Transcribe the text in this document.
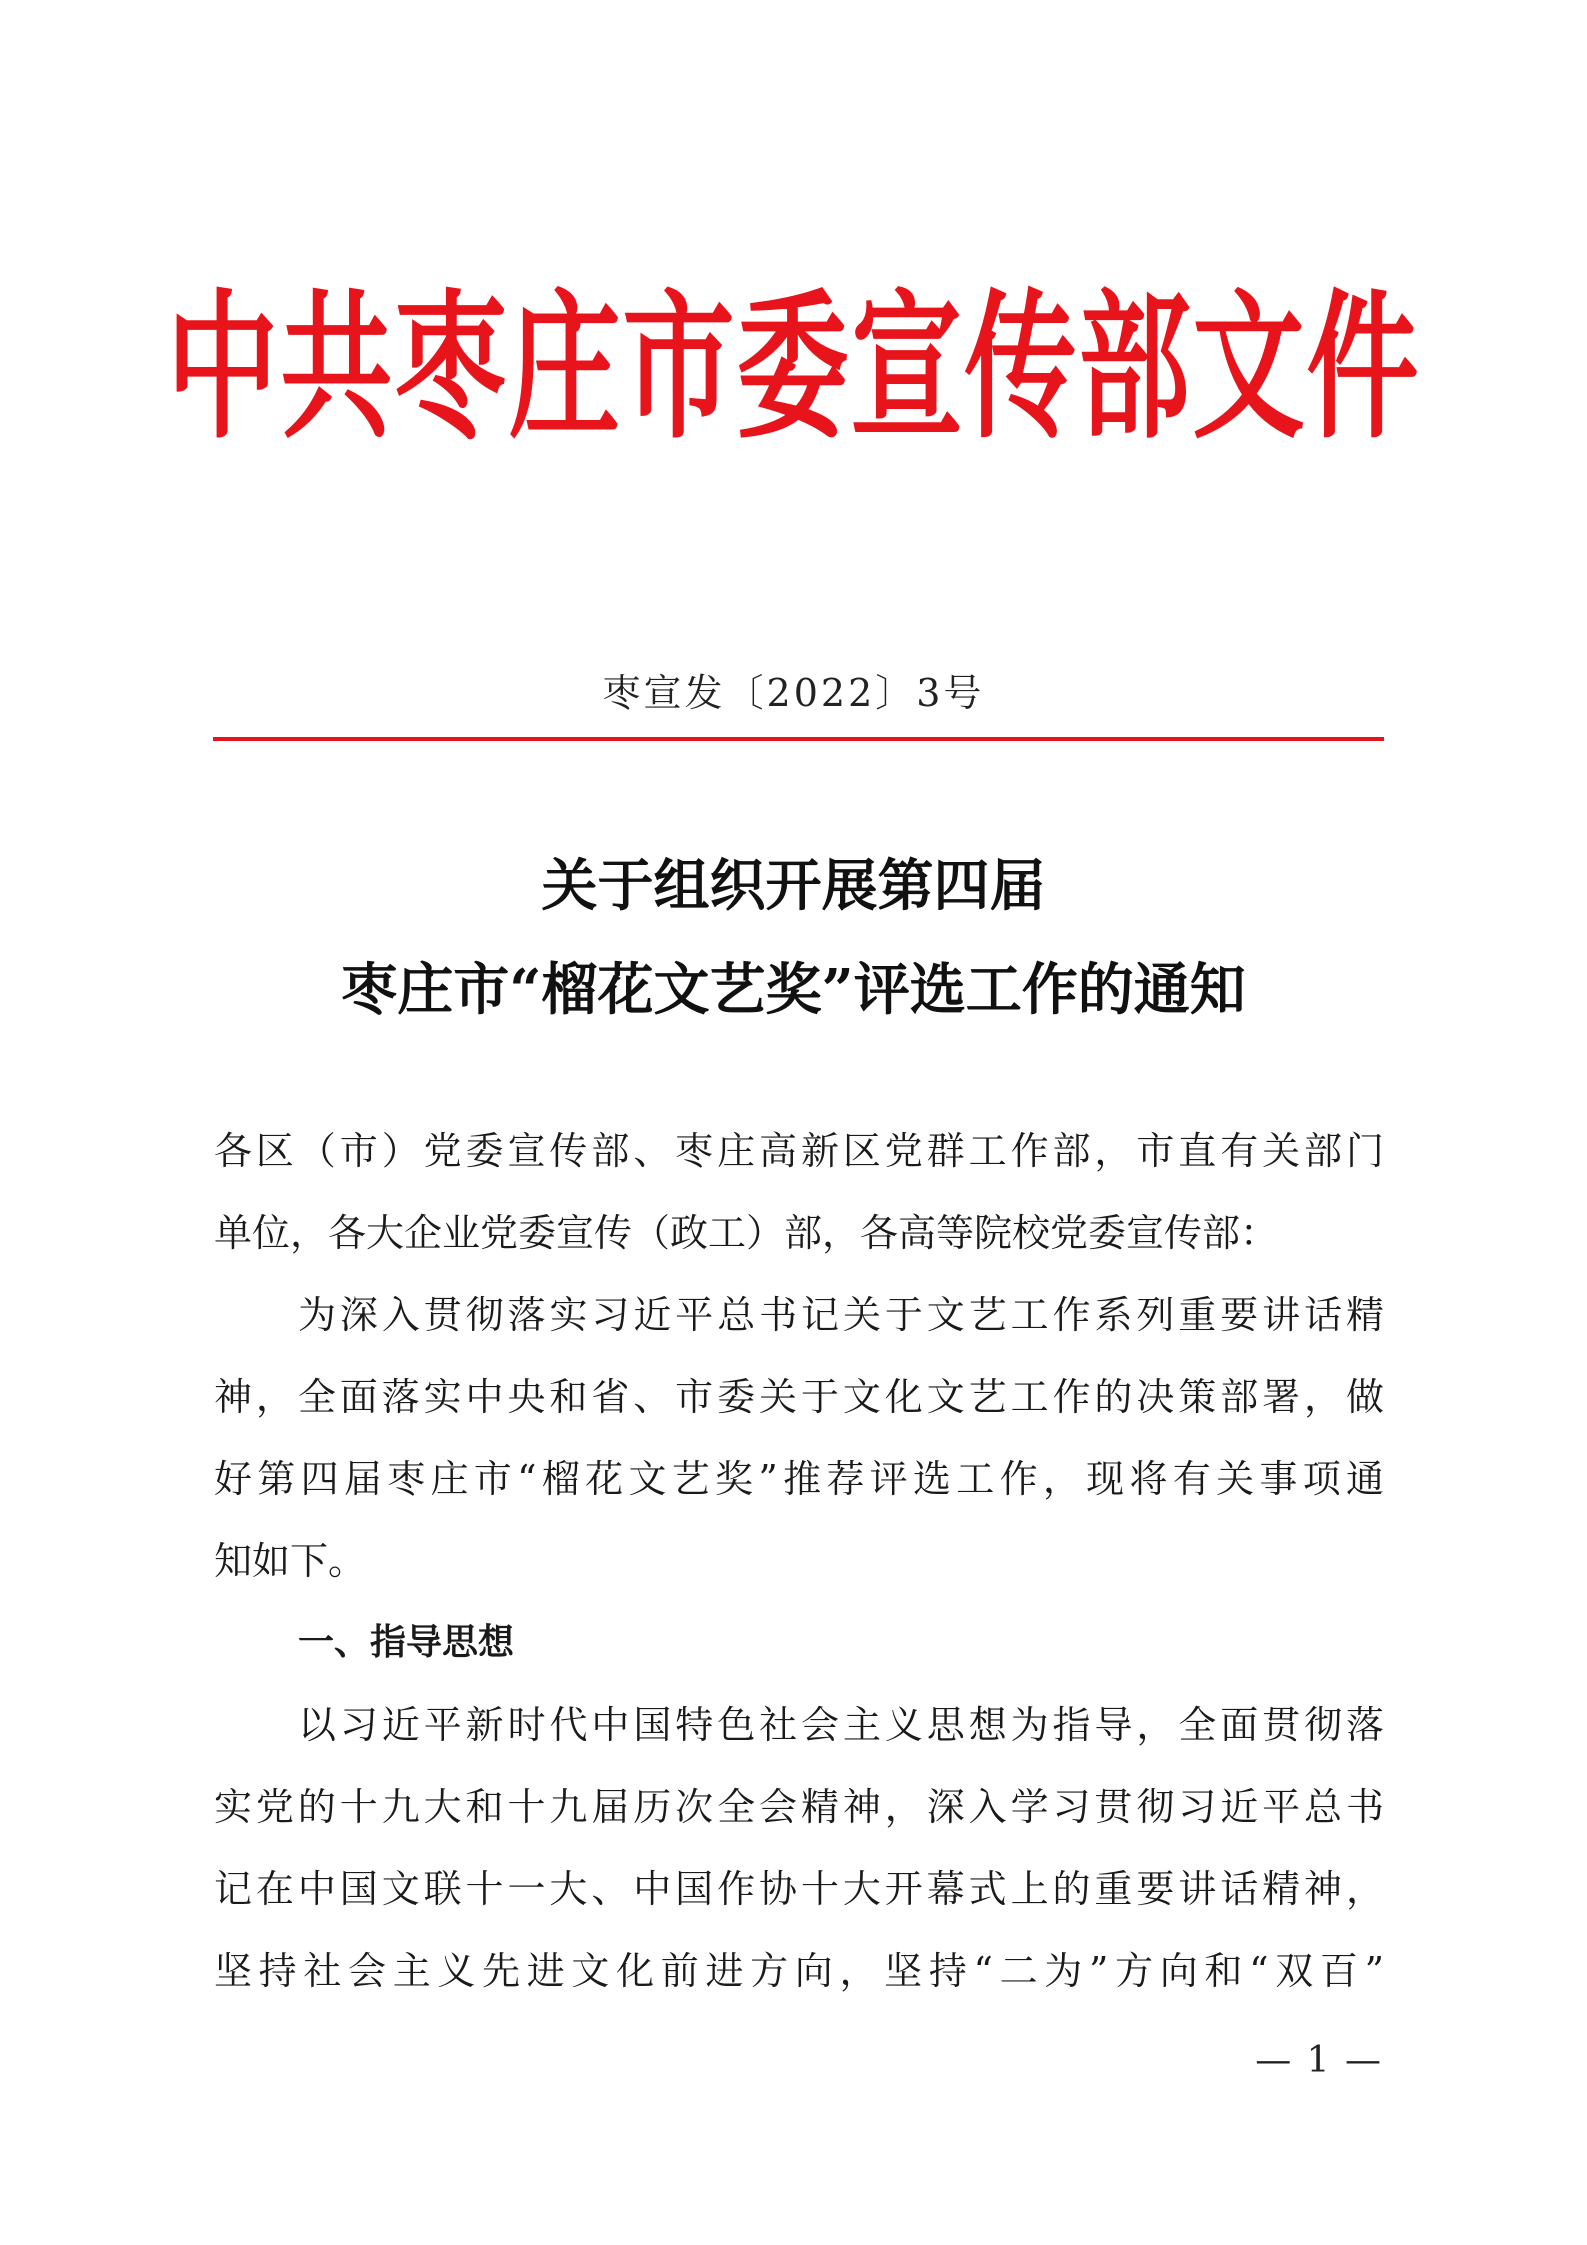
中共枣庄市委宣传部文件
枣宣发〔2022〕3号
关于组织开展第四届
枣庄市“榴花文艺奖”评选工作的通知
各区（市）党委宣传部、枣庄高新区党群工作部，市直有关部门
单位，各大企业党委宣传（政工）部，各高等院校党委宣传部：
为深入贯彻落实习近平总书记关于文艺工作系列重要讲话精
神，全面落实中央和省、市委关于文化文艺工作的决策部署，做
好第四届枣庄市“榴花文艺奖”推荐评选工作，现将有关事项通
知如下。
一、指导思想
以习近平新时代中国特色社会主义思想为指导，全面贯彻落
实党的十九大和十九届历次全会精神，深入学习贯彻习近平总书
记在中国文联十一大、中国作协十大开幕式上的重要讲话精神，
坚持社会主义先进文化前进方向，坚持“二为”方向和“双百”
— 1 —
